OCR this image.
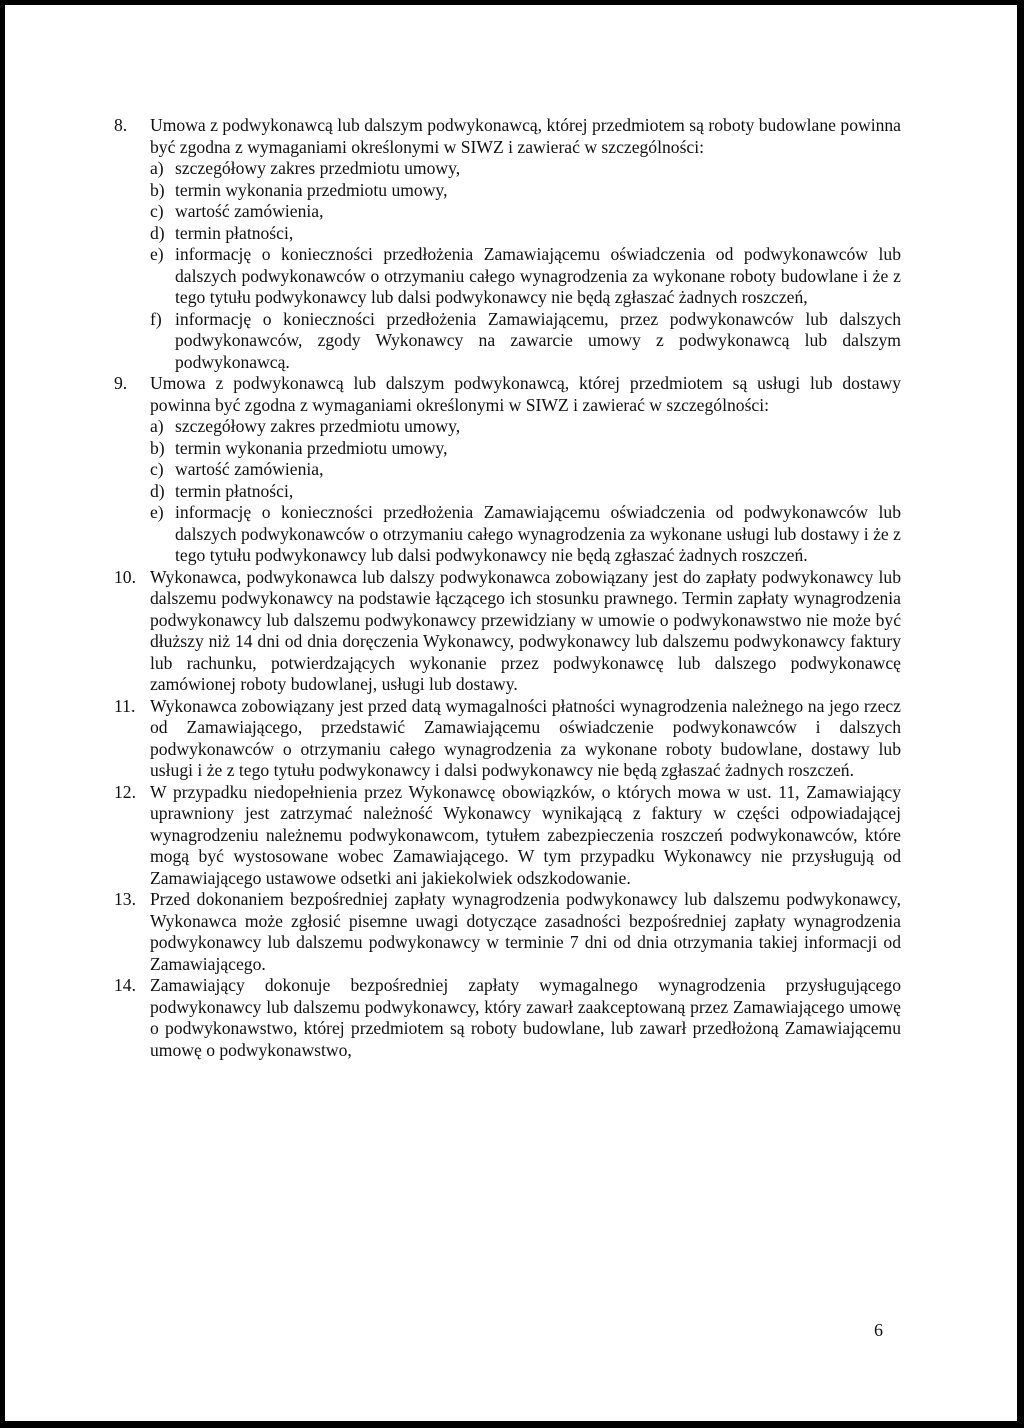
8. Umowa z podwykonawcą lub dalszym podwykonawcą, której przedmiotem są roboty budowlane powinna być zgodna z wymaganiami określonymi w SIWZ i zawierać w szczególności:
a) szczegółowy zakres przedmiotu umowy,
b) termin wykonania przedmiotu umowy,
c) wartość zamówienia,
d) termin płatności,
e) informację o konieczności przedłożenia Zamawiającemu oświadczenia od podwykonawców lub dalszych podwykonawców o otrzymaniu całego wynagrodzenia za wykonane roboty budowlane i że z tego tytułu podwykonawcy lub dalsi podwykonawcy nie będą zgłaszać żadnych roszczeń,
f) informację o konieczności przedłożenia Zamawiającemu, przez podwykonawców lub dalszych podwykonawców, zgody Wykonawcy na zawarcie umowy z podwykonawcą lub dalszym podwykonawcą.
9. Umowa z podwykonawcą lub dalszym podwykonawcą, której przedmiotem są usługi lub dostawy powinna być zgodna z wymaganiami określonymi w SIWZ i zawierać w szczególności:
a) szczegółowy zakres przedmiotu umowy,
b) termin wykonania przedmiotu umowy,
c) wartość zamówienia,
d) termin płatności,
e) informację o konieczności przedłożenia Zamawiającemu oświadczenia od podwykonawców lub dalszych podwykonawców o otrzymaniu całego wynagrodzenia za wykonane usługi lub dostawy i że z tego tytułu podwykonawcy lub dalsi podwykonawcy nie będą zgłaszać żadnych roszczeń.
10. Wykonawca, podwykonawca lub dalszy podwykonawca zobowiązany jest do zapłaty podwykonawcy lub dalszemu podwykonawcy na podstawie łączącego ich stosunku prawnego. Termin zapłaty wynagrodzenia podwykonawcy lub dalszemu podwykonawcy przewidziany w umowie o podwykonawstwo nie może być dłuższy niż 14 dni od dnia doręczenia Wykonawcy, podwykonawcy lub dalszemu podwykonawcy faktury lub rachunku, potwierdzających wykonanie przez podwykonawcę lub dalszego podwykonawcę zamówionej roboty budowlanej, usługi lub dostawy.
11. Wykonawca zobowiązany jest przed datą wymagalności płatności wynagrodzenia należnego na jego rzecz od Zamawiającego, przedstawić Zamawiającemu oświadczenie podwykonawców i dalszych podwykonawców o otrzymaniu całego wynagrodzenia za wykonane roboty budowlane, dostawy lub usługi i że z tego tytułu podwykonawcy i dalsi podwykonawcy nie będą zgłaszać żadnych roszczeń.
12. W przypadku niedopełnienia przez Wykonawcę obowiązków, o których mowa w ust. 11, Zamawiający uprawniony jest zatrzymać należność Wykonawcy wynikającą z faktury w części odpowiadającej wynagrodzeniu należnemu podwykonawcom, tytułem zabezpieczenia roszczeń podwykonawców, które mogą być wystosowane wobec Zamawiającego. W tym przypadku Wykonawcy nie przysługują od Zamawiającego ustawowe odsetki ani jakiekolwiek odszkodowanie.
13. Przed dokonaniem bezpośredniej zapłaty wynagrodzenia podwykonawcy lub dalszemu podwykonawcy, Wykonawca może zgłosić pisemne uwagi dotyczące zasadności bezpośredniej zapłaty wynagrodzenia podwykonawcy lub dalszemu podwykonawcy w terminie 7 dni od dnia otrzymania takiej informacji od Zamawiającego.
14. Zamawiający dokonuje bezpośredniej zapłaty wymagalnego wynagrodzenia przysługującego podwykonawcy lub dalszemu podwykonawcy, który zawarł zaakceptowaną przez Zamawiającego umowę o podwykonawstwo, której przedmiotem są roboty budowlane, lub zawarł przedłożoną Zamawiającemu umowę o podwykonawstwo,
6
